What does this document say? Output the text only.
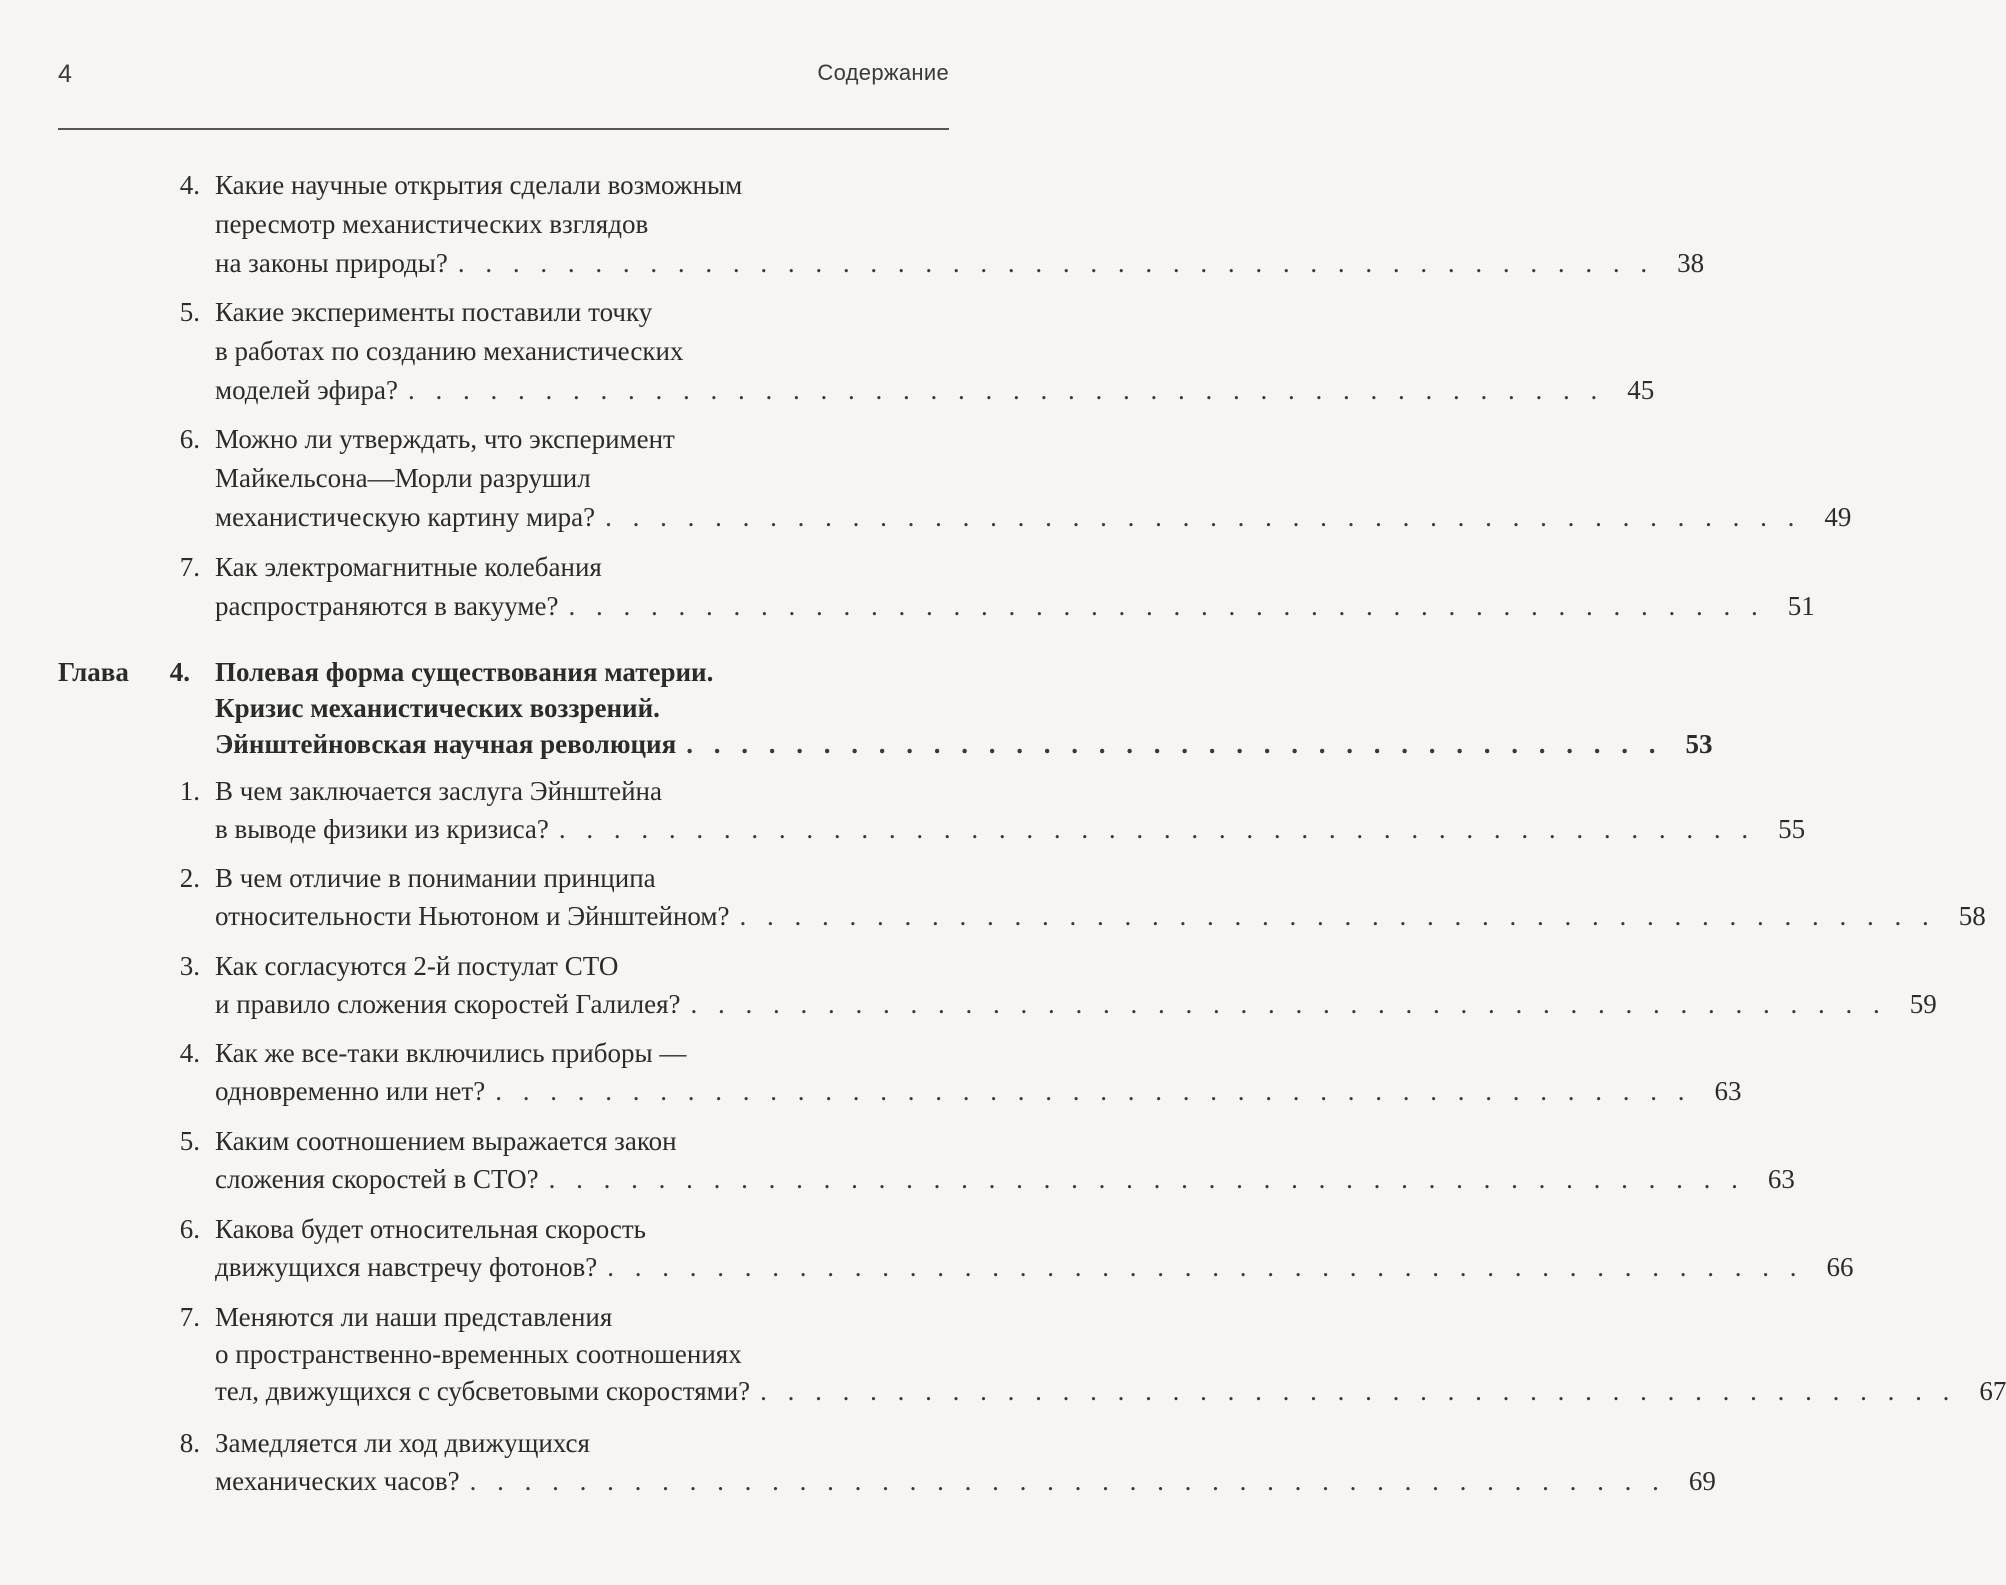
4	Содержание
4. Какие научные открытия сделали возможным
пересмотр механистических взглядов
на законы природы? . . . . . . . . . . . . . . . . . . . . . . . . . . . . . . . . . . . . . . . . . . . . 38
5. Какие эксперименты поставили точку
в работах по созданию механистических
моделей эфира? . . . . . . . . . . . . . . . . . . . . . . . . . . . . . . . . . . . . . . . . . . . . 45
6. Можно ли утверждать, что эксперимент
Майкельсона—Морли разрушил
механистическую картину мира? . . . . . . . . . . . . . . . . . . . . . . . . . . . . . . . . . . . . . . . . . . . . 49
7. Как электромагнитные колебания
распространяются в вакууме? . . . . . . . . . . . . . . . . . . . . . . . . . . . . . . . . . . . . . . . . . . . . 51
Глава	4. Полевая форма существования материи.
Кризис механистических воззрений.
Эйнштейновская научная революция . . . . . . . . . . . . . . . . . . . . . . . . . . . . . . . . . . . . 53
1. В чем заключается заслуга Эйнштейна
в выводе физики из кризиса? . . . . . . . . . . . . . . . . . . . . . . . . . . . . . . . . . . . . . . . . . . . . 55
2. В чем отличие в понимании принципа
относительности Ньютоном и Эйнштейном? . . . . . . . . . . . . . . . . . . . . . . . . . . . . . . . . . . . . . . . . . . . . 58
3. Как согласуются 2-й постулат СТО
и правило сложения скоростей Галилея? . . . . . . . . . . . . . . . . . . . . . . . . . . . . . . . . . . . . . . . . . . . . 59
4. Как же все-таки включились приборы —
одновременно или нет? . . . . . . . . . . . . . . . . . . . . . . . . . . . . . . . . . . . . . . . . . . . . 63
5. Каким соотношением выражается закон
сложения скоростей в СТО? . . . . . . . . . . . . . . . . . . . . . . . . . . . . . . . . . . . . . . . . . . . . 63
6. Какова будет относительная скорость
движущихся навстречу фотонов? . . . . . . . . . . . . . . . . . . . . . . . . . . . . . . . . . . . . . . . . . . . . 66
7. Меняются ли наши представления
о пространственно-временных соотношениях
тел, движущихся с субсветовыми скоростями? . . . . . . . . . . . . . . . . . . . . . . . . . . . . . . . . . . . . . . . . . . . . 67
8. Замедляется ли ход движущихся
механических часов? . . . . . . . . . . . . . . . . . . . . . . . . . . . . . . . . . . . . . . . . . . . . 69
